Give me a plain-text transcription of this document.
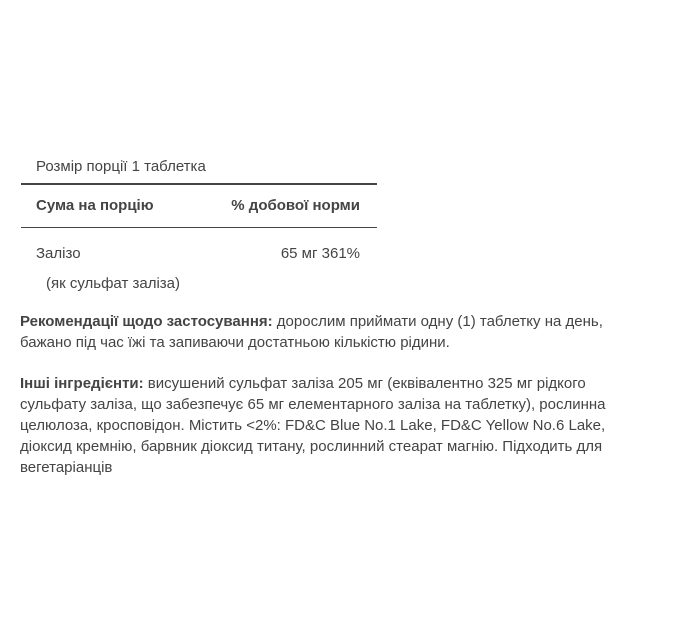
Розмір порції 1 таблетка
Сума на порцію	% добової норми
Залізо	65 мг 361%
(як сульфат заліза)
Рекомендації щодо застосування: дорослим приймати одну (1) таблетку на день, бажано під час їжі та запиваючи достатньою кількістю рідини.
Інші інгредієнти: висушений сульфат заліза 205 мг (еквівалентно 325 мг рідкого сульфату заліза, що забезпечує 65 мг елементарного заліза на таблетку), рослинна целюлоза, кросповідон. Містить <2%: FD&C Blue No.1 Lake, FD&C Yellow No.6 Lake, діоксид кремнію, барвник діоксид титану, рослинний стеарат магнію. Підходить для вегетаріанців
